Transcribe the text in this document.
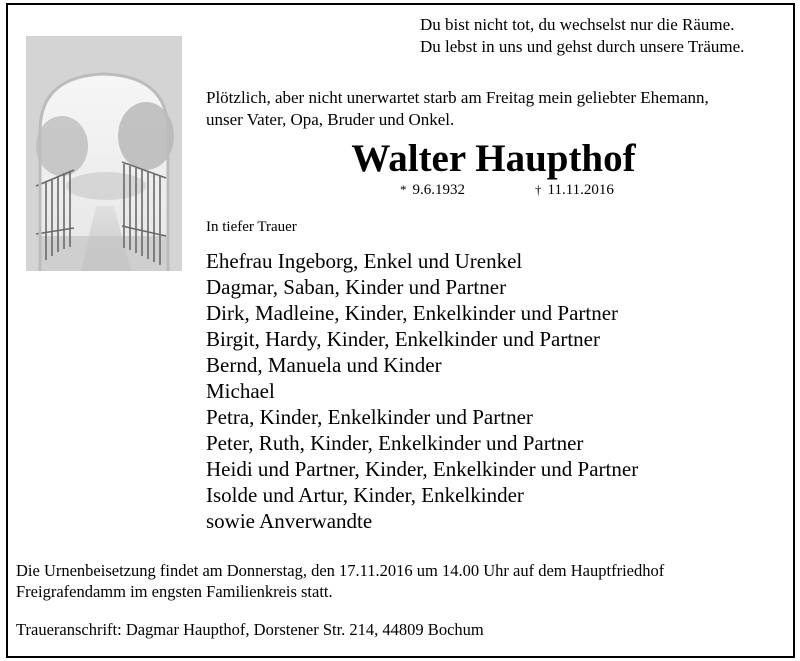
Du bist nicht tot, du wechselst nur die Räume.
Du lebst in uns und gehst durch unsere Träume.
Plötzlich, aber nicht unerwartet starb am Freitag mein geliebter Ehemann,
unser Vater, Opa, Bruder und Onkel.
Walter Haupthof
* 9.6.1932	† 11.11.2016
In tiefer Trauer
Ehefrau Ingeborg, Enkel und Urenkel
Dagmar, Saban, Kinder und Partner
Dirk, Madleine, Kinder, Enkelkinder und Partner
Birgit, Hardy, Kinder, Enkelkinder und Partner
Bernd, Manuela und Kinder
Michael
Petra, Kinder, Enkelkinder und Partner
Peter, Ruth, Kinder, Enkelkinder und Partner
Heidi und Partner, Kinder, Enkelkinder und Partner
Isolde und Artur, Kinder, Enkelkinder
sowie Anverwandte
Die Urnenbeisetzung findet am Donnerstag, den 17.11.2016 um 14.00 Uhr auf dem Hauptfriedhof
Freigrafendamm im engsten Familienkreis statt.
Traueranschrift: Dagmar Haupthof, Dorstener Str. 214, 44809 Bochum
